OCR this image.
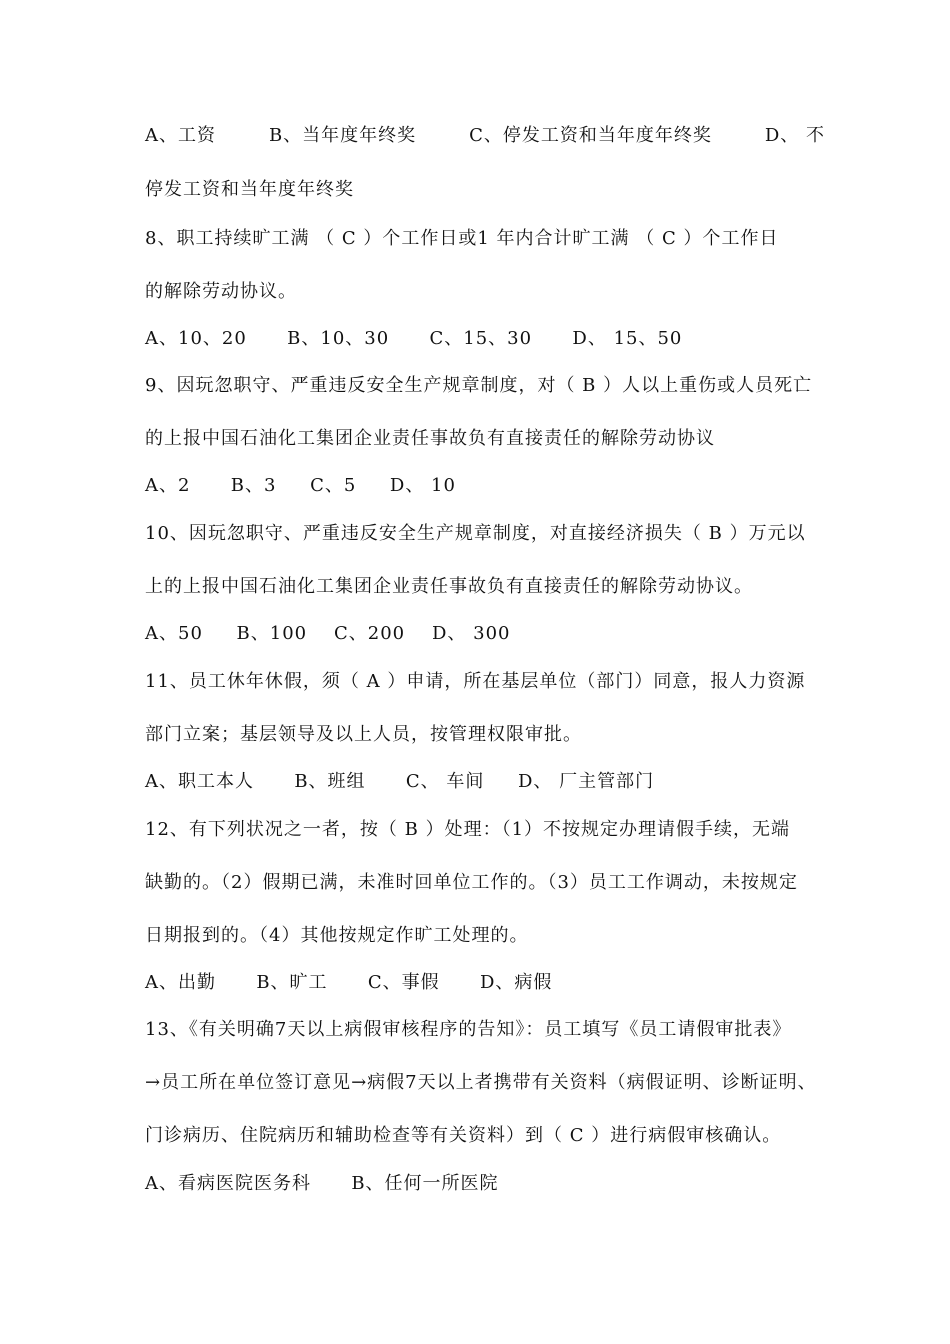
A、工资	B、当年度年终奖	C、停发工资和当年度年终奖	D、 不
停发工资和当年度年终奖
8、职工持续旷工满 （ C ）个工作日或1 年内合计旷工满 （ C ）个工作日
的解除劳动协议。
A、10、20      B、10、30      C、15、30      D、 15、50
9、因玩忽职守、严重违反安全生产规章制度，对（ B ）人以上重伤或人员死亡
的上报中国石油化工集团企业责任事故负有直接责任的解除劳动协议
A、2      B、3     C、5     D、 10
10、因玩忽职守、严重违反安全生产规章制度，对直接经济损失（ B ）万元以
上的上报中国石油化工集团企业责任事故负有直接责任的解除劳动协议。
A、50     B、100    C、200    D、 300
11、员工休年休假，须（ A ）申请，所在基层单位（部门）同意，报人力资源
部门立案；基层领导及以上人员，按管理权限审批。
A、职工本人      B、班组      C、 车间     D、 厂主管部门
12、有下列状况之一者，按（ B ）处理：（1）不按规定办理请假手续，无端
缺勤的。（2）假期已满，未准时回单位工作的。（3）员工工作调动，未按规定
日期报到的。（4）其他按规定作旷工处理的。
A、出勤      B、旷工      C、事假      D、病假
13、《有关明确7天以上病假审核程序的告知》：员工填写《员工请假审批表》
→员工所在单位签订意见→病假7天以上者携带有关资料（病假证明、诊断证明、
门诊病历、住院病历和辅助检查等有关资料）到（ C ）进行病假审核确认。
A、看病医院医务科      B、任何一所医院
